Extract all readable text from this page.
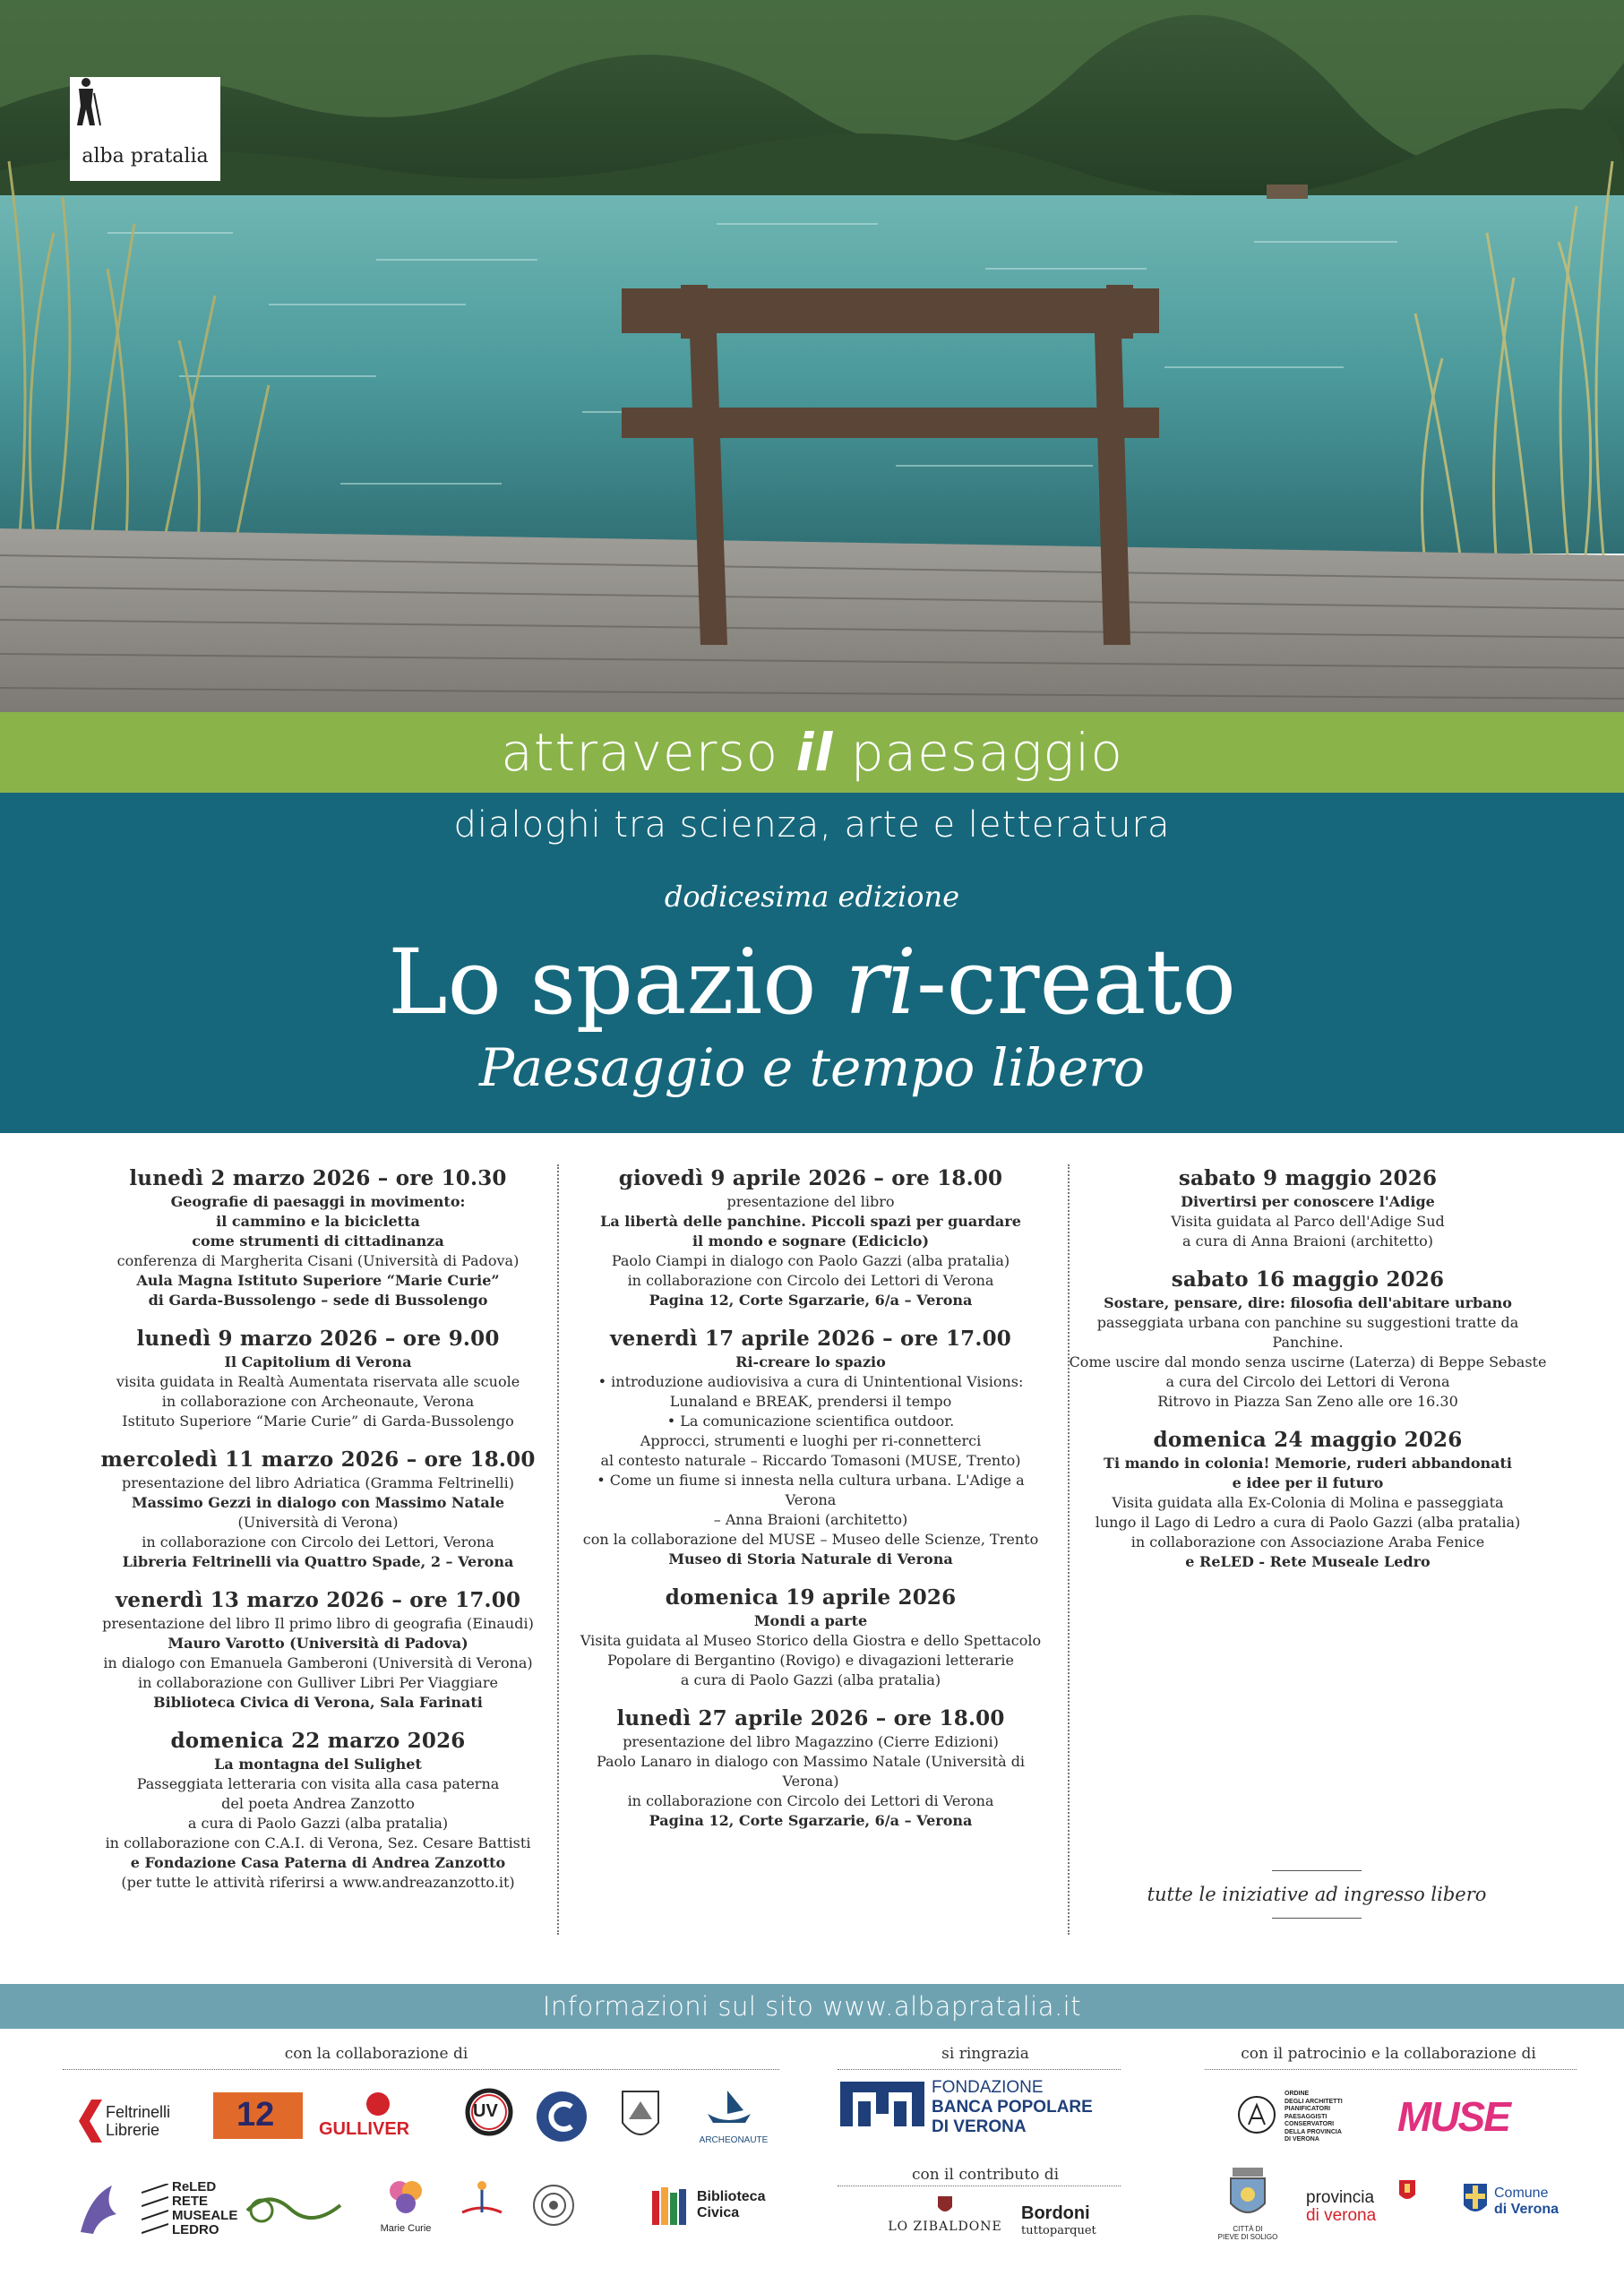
alba pratalia
attraverso il paesaggio
dialoghi tra scienza, arte e letteratura
dodicesima edizione
Lo spazio ri-creato
Paesaggio e tempo libero
lunedì 2 marzo 2026 – ore 10.30
Geografie di paesaggi in movimento:
il cammino e la bicicletta
come strumenti di cittadinanza
conferenza di Margherita Cisani (Università di Padova)
Aula Magna Istituto Superiore “Marie Curie”
di Garda-Bussolengo – sede di Bussolengo
lunedì 9 marzo 2026 – ore 9.00
Il Capitolium di Verona
visita guidata in Realtà Aumentata riservata alle scuole
in collaborazione con Archeonaute, Verona
Istituto Superiore “Marie Curie” di Garda-Bussolengo
mercoledì 11 marzo 2026 – ore 18.00
presentazione del libro Adriatica (Gramma Feltrinelli)
Massimo Gezzi in dialogo con Massimo Natale
(Università di Verona)
in collaborazione con Circolo dei Lettori, Verona
Libreria Feltrinelli via Quattro Spade, 2 – Verona
venerdì 13 marzo 2026 – ore 17.00
presentazione del libro Il primo libro di geografia (Einaudi)
Mauro Varotto (Università di Padova)
in dialogo con Emanuela Gamberoni (Università di Verona)
in collaborazione con Gulliver Libri Per Viaggiare
Biblioteca Civica di Verona, Sala Farinati
domenica 22 marzo 2026
La montagna del Sulighet
Passeggiata letteraria con visita alla casa paterna
del poeta Andrea Zanzotto
a cura di Paolo Gazzi (alba pratalia)
in collaborazione con C.A.I. di Verona, Sez. Cesare Battisti
e Fondazione Casa Paterna di Andrea Zanzotto
(per tutte le attività riferirsi a www.andreazanzotto.it)
giovedì 9 aprile 2026 – ore 18.00
presentazione del libro
La libertà delle panchine. Piccoli spazi per guardare
il mondo e sognare (Ediciclo)
Paolo Ciampi in dialogo con Paolo Gazzi (alba pratalia)
in collaborazione con Circolo dei Lettori di Verona
Pagina 12, Corte Sgarzarie, 6/a – Verona
venerdì 17 aprile 2026 – ore 17.00
Ri-creare lo spazio
• introduzione audiovisiva a cura di Unintentional Visions:
Lunaland e BREAK, prendersi il tempo
• La comunicazione scientifica outdoor.
Approcci, strumenti e luoghi per ri-connetterci
al contesto naturale – Riccardo Tomasoni (MUSE, Trento)
• Come un fiume si innesta nella cultura urbana. L'Adige a Verona
– Anna Braioni (architetto)
con la collaborazione del MUSE – Museo delle Scienze, Trento
Museo di Storia Naturale di Verona
domenica 19 aprile 2026
Mondi a parte
Visita guidata al Museo Storico della Giostra e dello Spettacolo
Popolare di Bergantino (Rovigo) e divagazioni letterarie
a cura di Paolo Gazzi (alba pratalia)
lunedì 27 aprile 2026 – ore 18.00
presentazione del libro Magazzino (Cierre Edizioni)
Paolo Lanaro in dialogo con Massimo Natale (Università di Verona)
in collaborazione con Circolo dei Lettori di Verona
Pagina 12, Corte Sgarzarie, 6/a – Verona
sabato 9 maggio 2026
Divertirsi per conoscere l'Adige
Visita guidata al Parco dell'Adige Sud
a cura di Anna Braioni (architetto)
sabato 16 maggio 2026
Sostare, pensare, dire: filosofia dell'abitare urbano
passeggiata urbana con panchine su suggestioni tratte da Panchine.
Come uscire dal mondo senza uscirne (Laterza) di Beppe Sebaste
a cura del Circolo dei Lettori di Verona
Ritrovo in Piazza San Zeno alle ore 16.30
domenica 24 maggio 2026
Ti mando in colonia! Memorie, ruderi abbandonati
e idee per il futuro
Visita guidata alla Ex-Colonia di Molina e passeggiata
lungo il Lago di Ledro a cura di Paolo Gazzi (alba pratalia)
in collaborazione con Associazione Araba Fenice
e ReLED - Rete Museale Ledro
tutte le iniziative ad ingresso libero
Informazioni sul sito www.albapratalia.it
con la collaborazione di	si ringrazia	con il patrocinio e la collaborazione di
con il contributo di
Feltrinelli
Librerie	12 GULLIVER
UV
ARCHEONAUTE
ReLED
RETE
MUSEALE
LEDRO	Marie Curie
Biblioteca
Civica
FONDAZIONE
BANCA POPOLARE
DI VERONA
LO ZIBALDONE
Bordoni
tuttoparquet
ORDINE
DEGLI ARCHITETTI
PIANIFICATORI
PAESAGGISTI
CONSERVATORI
DELLA PROVINCIA
DI VERONA	MUSE
CITTÀ DI
PIEVE DI SOLIGO
provincia
di verona
Comune
di Verona
